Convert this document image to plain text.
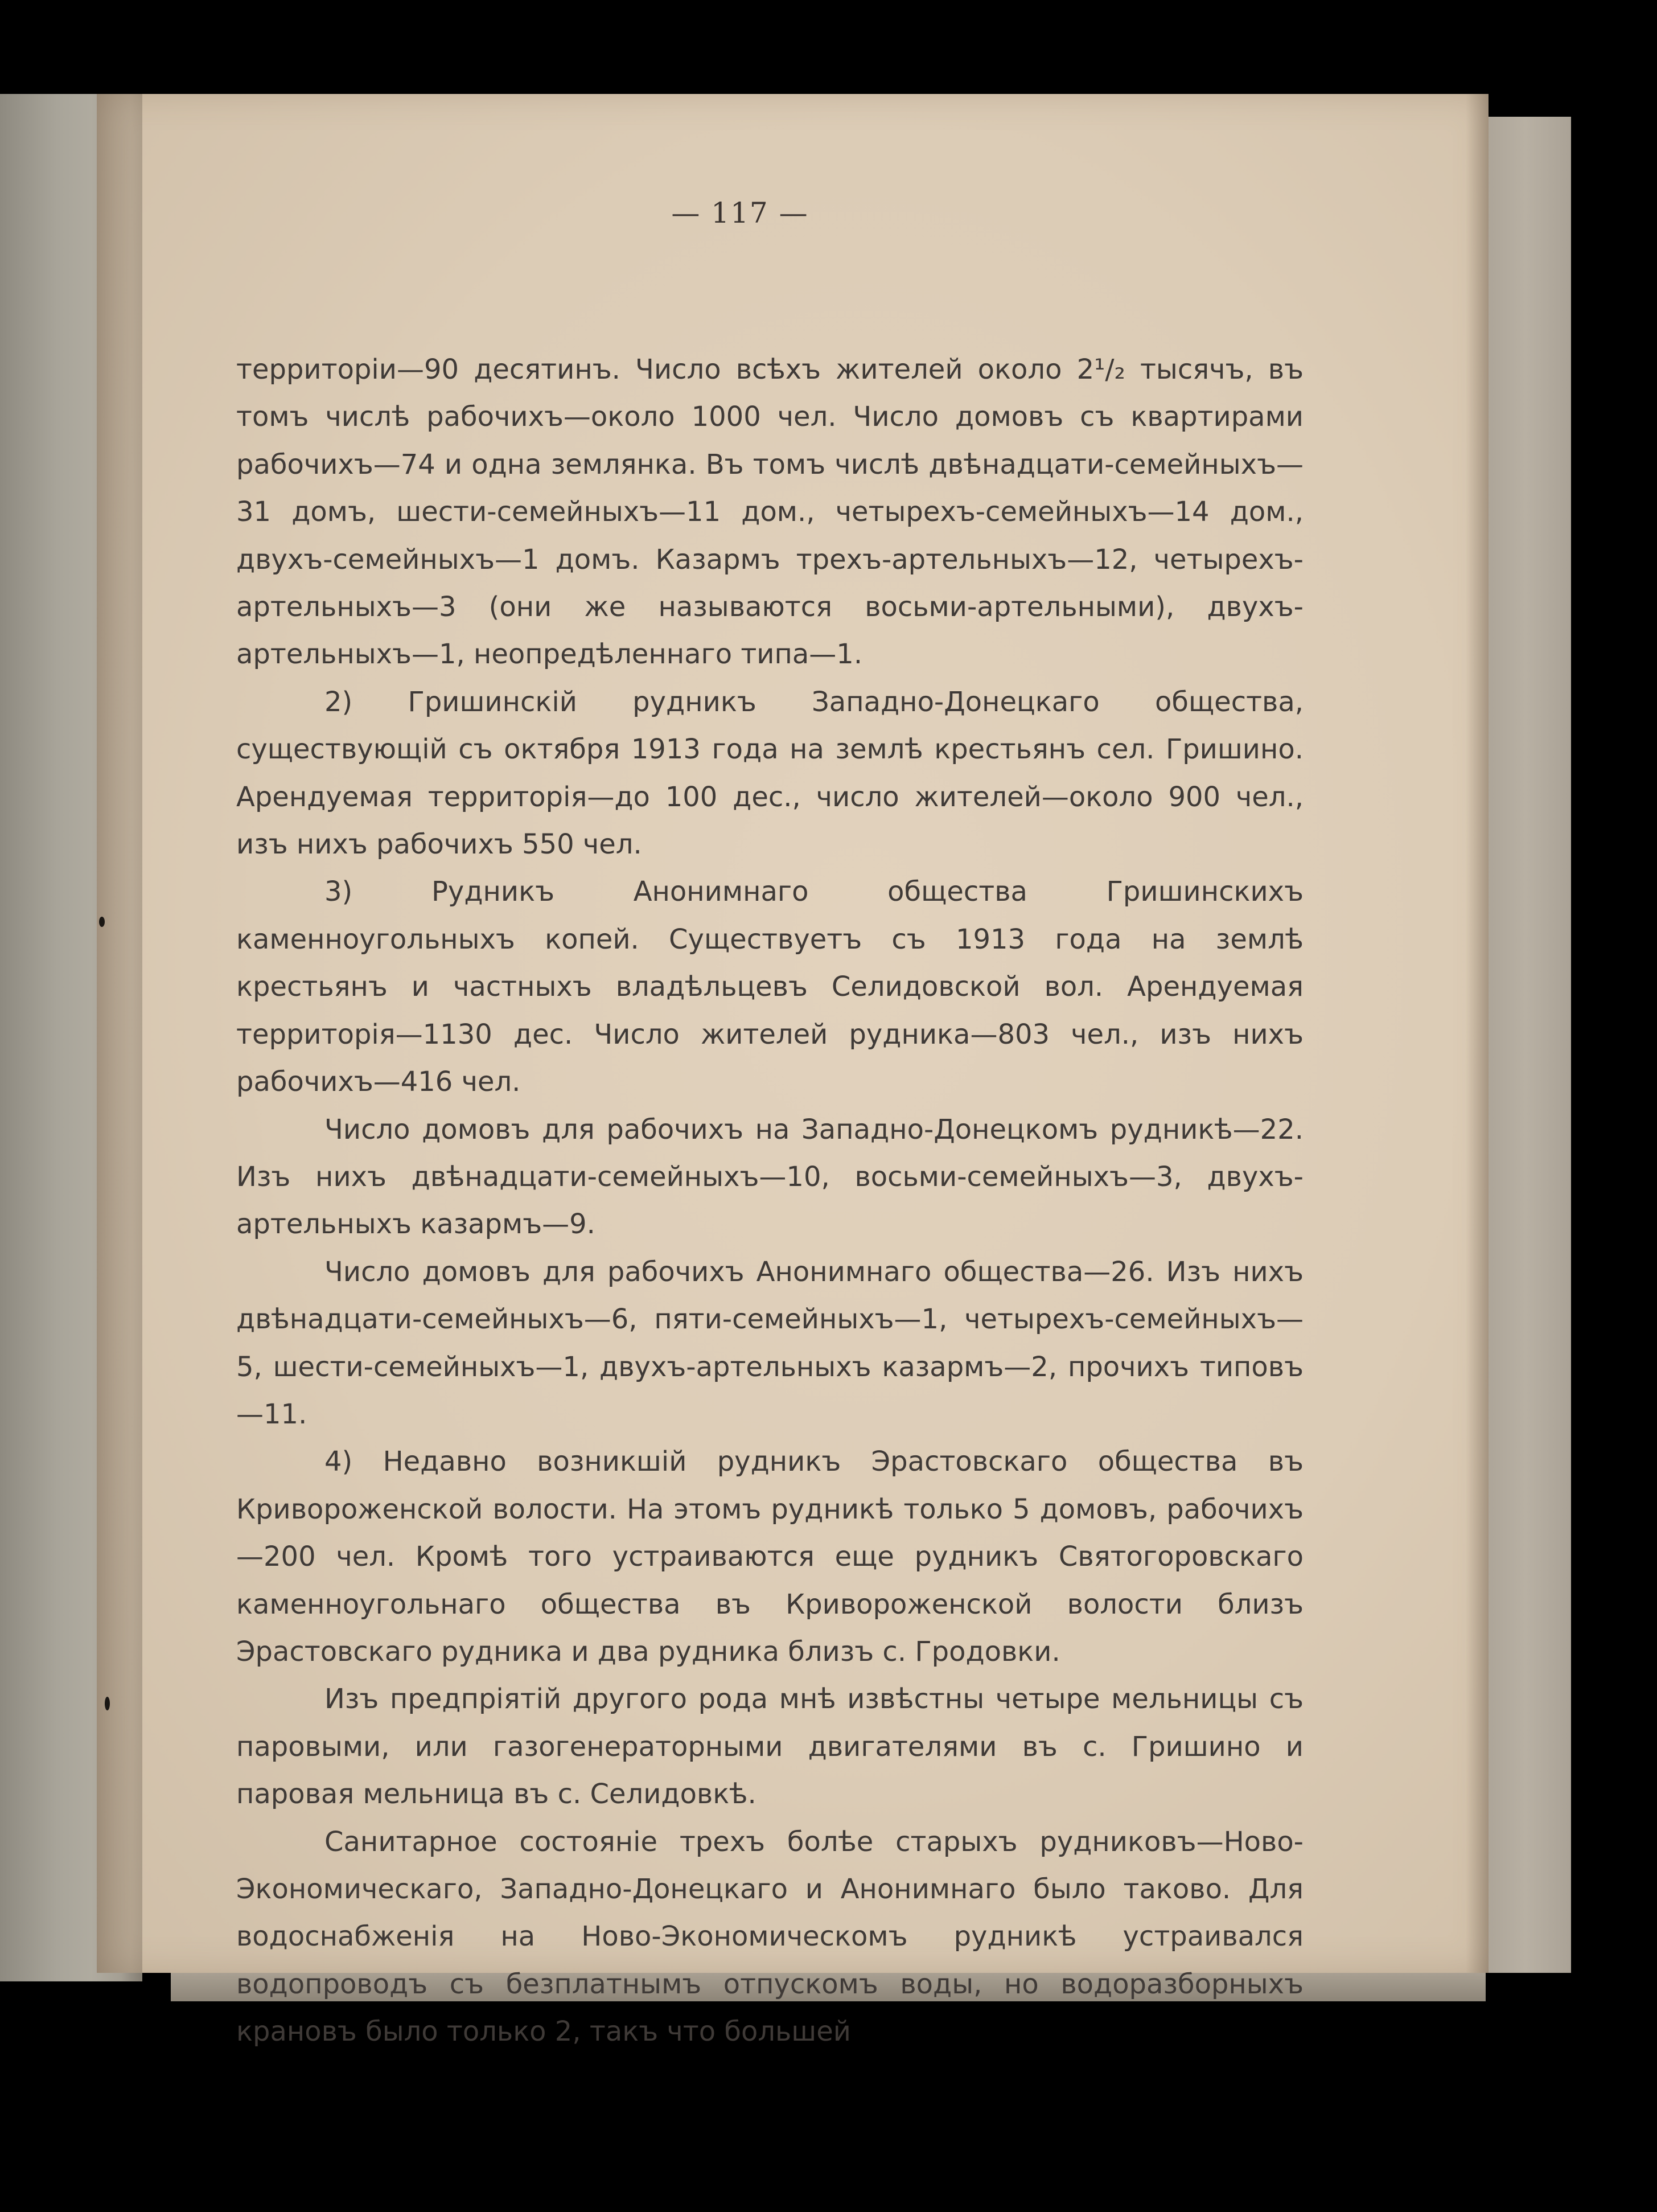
— 117 —

территоріи—90 десятинъ. Число всѣхъ жителей около 2¹/₂ тысячъ, въ томъ числѣ рабочихъ—около 1000 чел. Число домовъ съ квартирами рабочихъ—74 и одна землянка. Въ томъ числѣ двѣнадцати-семейныхъ—31 домъ, шести-семейныхъ—11 дом., четырехъ-семейныхъ—14 дом., двухъ-семейныхъ—1 домъ. Казармъ трехъ-артельныхъ—12, четырехъ-артельныхъ—3 (они же называются восьми-артельными), двухъ-артельныхъ—1, неопредѣленнаго типа—1.

2) Гришинскій рудникъ Западно-Донецкаго общества, существующій съ октября 1913 года на землѣ крестьянъ сел. Гришино. Арендуемая территорія—до 100 дес., число жителей—около 900 чел., изъ нихъ рабочихъ 550 чел.

3) Рудникъ Анонимнаго общества Гришинскихъ каменноугольныхъ копей. Существуетъ съ 1913 года на землѣ крестьянъ и частныхъ владѣльцевъ Селидовской вол. Арендуемая территорія—1130 дес. Число жителей рудника—803 чел., изъ нихъ рабочихъ—416 чел.

Число домовъ для рабочихъ на Западно-Донецкомъ рудникѣ—22. Изъ нихъ двѣнадцати-семейныхъ—10, восьми-семейныхъ—3, двухъ-артельныхъ казармъ—9.

Число домовъ для рабочихъ Анонимнаго общества—26. Изъ нихъ двѣнадцати-семейныхъ—6, пяти-семейныхъ—1, четырехъ-семейныхъ—5, шести-семейныхъ—1, двухъ-артельныхъ казармъ—2, прочихъ типовъ—11.

4) Недавно возникшій рудникъ Эрастовскаго общества въ Кривороженской волости. На этомъ рудникѣ только 5 домовъ, рабочихъ—200 чел. Кромѣ того устраиваются еще рудникъ Святогоровскаго каменноугольнаго общества въ Кривороженской волости близъ Эрастовскаго рудника и два рудника близъ с. Гродовки.

Изъ предпріятій другого рода мнѣ извѣстны четыре мельницы съ паровыми, или газогенераторными двигателями въ с. Гришино и паровая мельница въ с. Селидовкѣ.

Санитарное состояніе трехъ болѣе старыхъ рудниковъ—Ново-Экономическаго, Западно-Донецкаго и Анонимнаго было таково. Для водоснабженія на Ново-Экономическомъ рудникѣ устраивался водопроводъ съ безплатнымъ отпускомъ воды, но водоразборныхъ крановъ было только 2, такъ что большей
